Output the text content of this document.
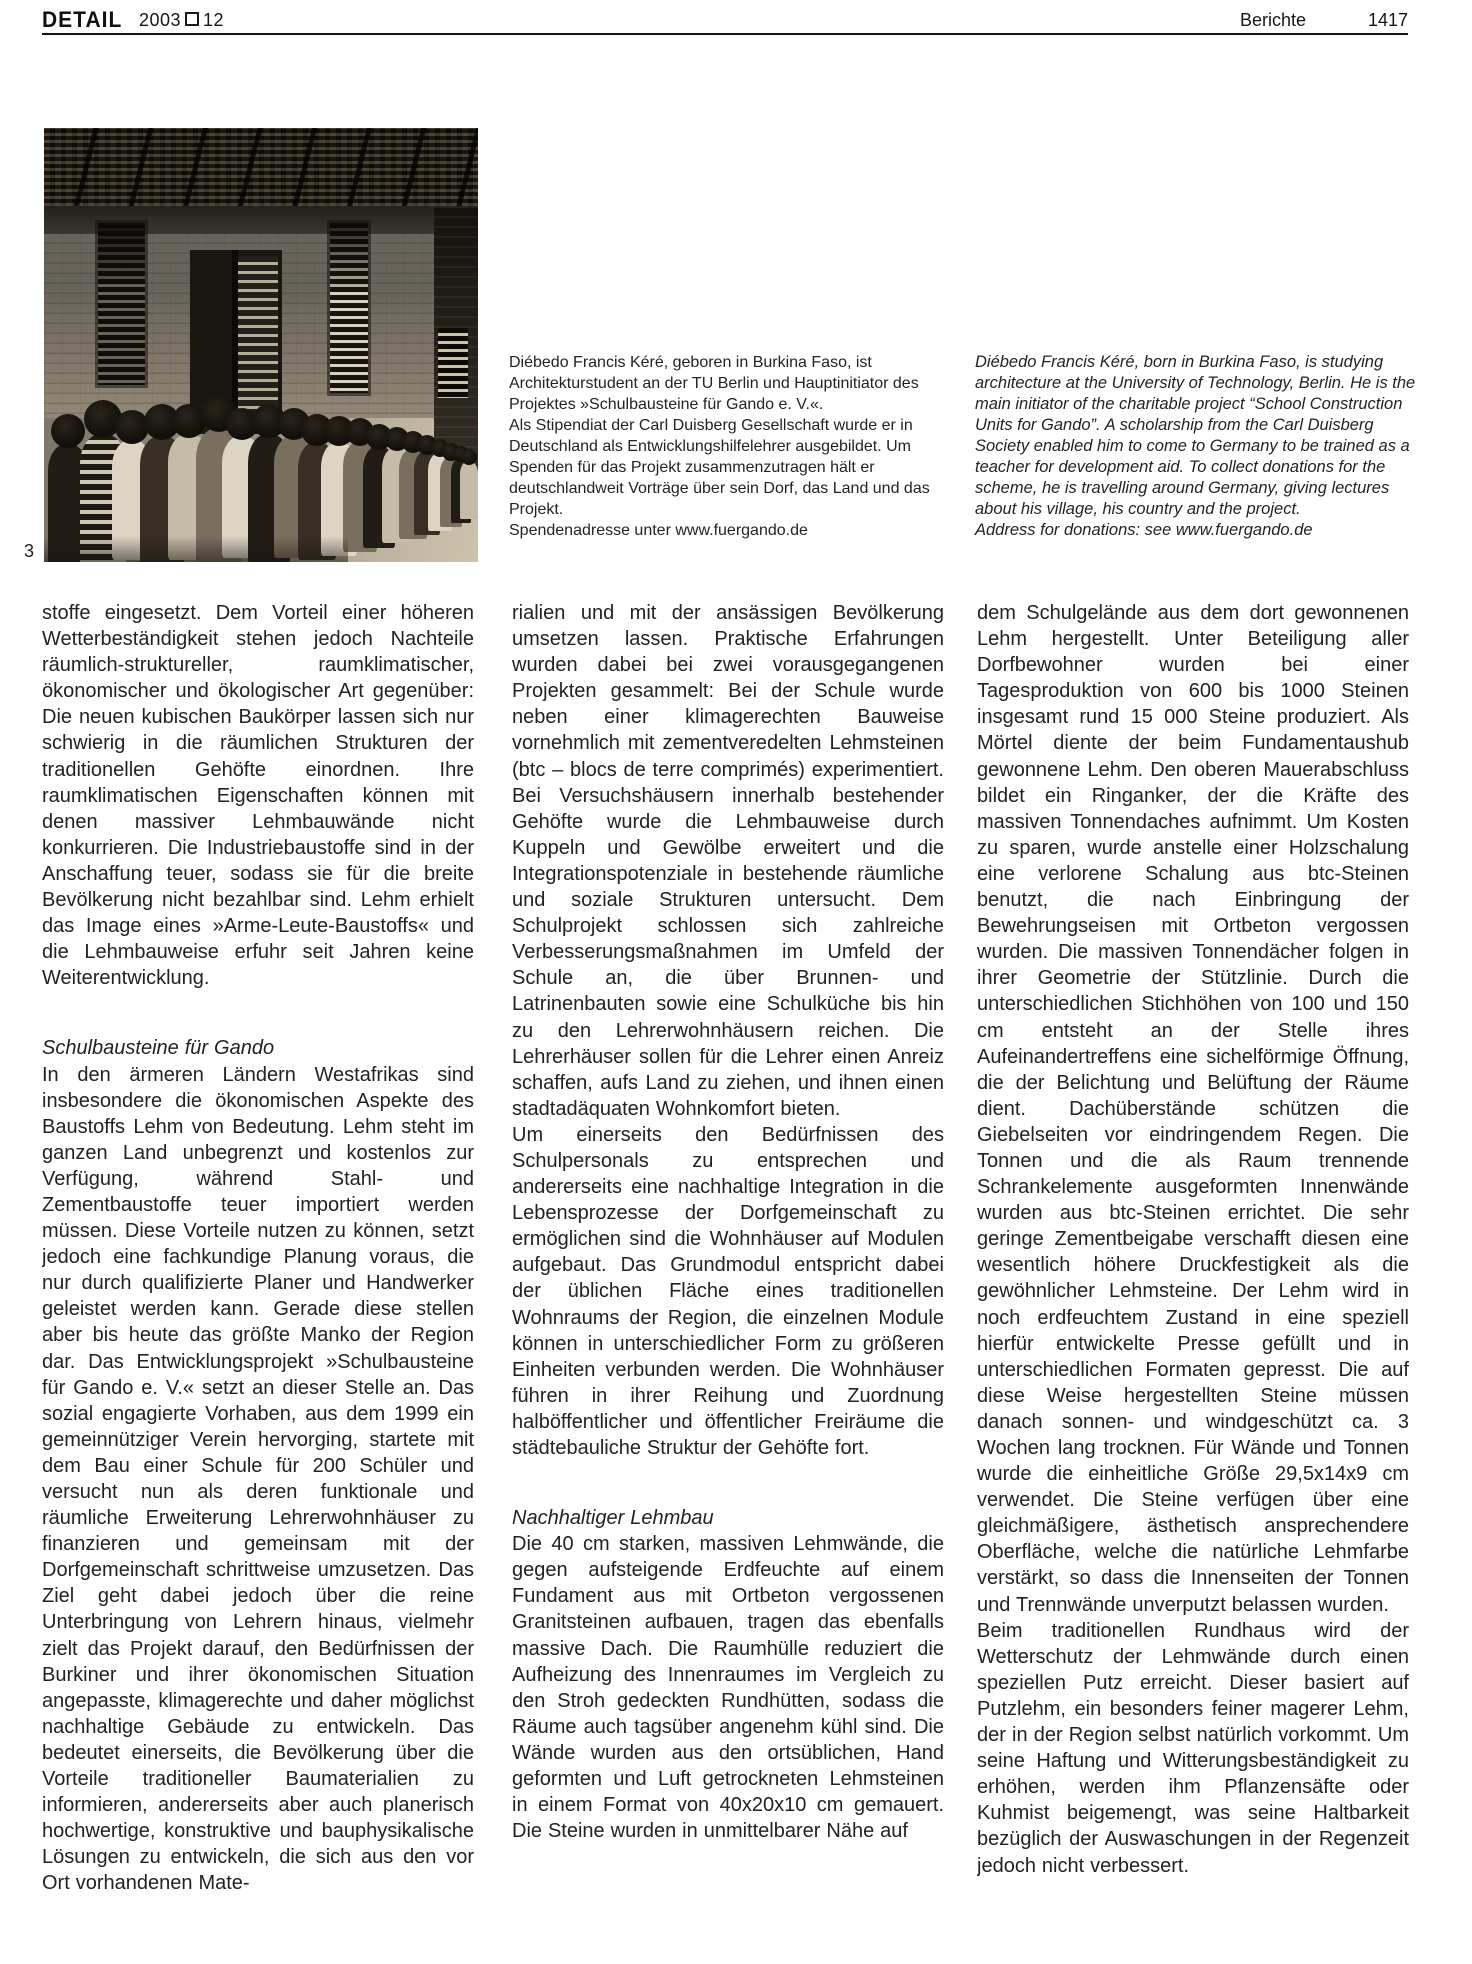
DETAIL 2003 12	Berichte	1417
3

Diébedo Francis Kéré, geboren in Burkina Faso, ist Architekturstudent an der TU Berlin und Hauptinitiator des Projektes »Schulbausteine für Gando e. V.«.

Als Stipendiat der Carl Duisberg Gesellschaft wurde er in Deutschland als Entwicklungshilfelehrer ausgebildet. Um Spenden für das Projekt zusammenzutragen hält er deutschlandweit Vorträge über sein Dorf, das Land und das Projekt.

Spendenadresse unter www.fuergando.de

Diébedo Francis Kéré, born in Burkina Faso, is studying architecture at the University of Technology, Berlin. He is the main initiator of the charitable project “School Construction Units for Gando”. A scholarship from the Carl Duisberg Society enabled him to come to Germany to be trained as a teacher for development aid. To collect donations for the scheme, he is travelling around Germany, giving lectures about his village, his country and the project.

Address for donations: see www.fuergando.de

stoffe eingesetzt. Dem Vorteil einer höheren Wetterbeständigkeit stehen jedoch Nachteile räumlich-struktureller, raumklimatischer, ökonomischer und ökologischer Art gegenüber: Die neuen kubischen Baukörper lassen sich nur schwierig in die räumlichen Strukturen der traditionellen Gehöfte einordnen. Ihre raumklimatischen Eigenschaften können mit denen massiver Lehmbauwände nicht konkurrieren. Die Industriebaustoffe sind in der Anschaffung teuer, sodass sie für die breite Bevölkerung nicht bezahlbar sind. Lehm erhielt das Image eines »Arme-Leute-Baustoffs« und die Lehmbauweise erfuhr seit Jahren keine Weiterentwicklung.

Schulbausteine für Gando

In den ärmeren Ländern Westafrikas sind insbesondere die ökonomischen Aspekte des Baustoffs Lehm von Bedeutung. Lehm steht im ganzen Land unbegrenzt und kostenlos zur Verfügung, während Stahl- und Zementbaustoffe teuer importiert werden müssen. Diese Vorteile nutzen zu können, setzt jedoch eine fachkundige Planung voraus, die nur durch qualifizierte Planer und Handwerker geleistet werden kann. Gerade diese stellen aber bis heute das größte Manko der Region dar. Das Entwicklungsprojekt »Schulbausteine für Gando e. V.« setzt an dieser Stelle an. Das sozial engagierte Vorhaben, aus dem 1999 ein gemeinnütziger Verein hervorging, startete mit dem Bau einer Schule für 200 Schüler und versucht nun als deren funktionale und räumliche Erweiterung Lehrerwohnhäuser zu finanzieren und gemeinsam mit der Dorfgemeinschaft schrittweise umzusetzen. Das Ziel geht dabei jedoch über die reine Unterbringung von Lehrern hinaus, vielmehr zielt das Projekt darauf, den Bedürfnissen der Burkiner und ihrer ökonomischen Situation angepasste, klimagerechte und daher möglichst nachhaltige Gebäude zu entwickeln. Das bedeutet einerseits, die Bevölkerung über die Vorteile traditioneller Baumaterialien zu informieren, andererseits aber auch planerisch hochwertige, konstruktive und bauphysikalische Lösungen zu entwickeln, die sich aus den vor Ort vorhandenen Mate-

rialien und mit der ansässigen Bevölkerung umsetzen lassen. Praktische Erfahrungen wurden dabei bei zwei vorausgegangenen Projekten gesammelt: Bei der Schule wurde neben einer klimagerechten Bauweise vornehmlich mit zementveredelten Lehmsteinen (btc – blocs de terre comprimés) experimentiert. Bei Versuchshäusern innerhalb bestehender Gehöfte wurde die Lehmbauweise durch Kuppeln und Gewölbe erweitert und die Integrationspotenziale in bestehende räumliche und soziale Strukturen untersucht. Dem Schulprojekt schlossen sich zahlreiche Verbesserungsmaßnahmen im Umfeld der Schule an, die über Brunnen- und Latrinenbauten sowie eine Schulküche bis hin zu den Lehrerwohnhäusern reichen. Die Lehrerhäuser sollen für die Lehrer einen Anreiz schaffen, aufs Land zu ziehen, und ihnen einen stadtadäquaten Wohnkomfort bieten.

Um einerseits den Bedürfnissen des Schulpersonals zu entsprechen und andererseits eine nachhaltige Integration in die Lebensprozesse der Dorfgemeinschaft zu ermöglichen sind die Wohnhäuser auf Modulen aufgebaut. Das Grundmodul entspricht dabei der üblichen Fläche eines traditionellen Wohnraums der Region, die einzelnen Module können in unterschiedlicher Form zu größeren Einheiten verbunden werden. Die Wohnhäuser führen in ihrer Reihung und Zuordnung halböffentlicher und öffentlicher Freiräume die städtebauliche Struktur der Gehöfte fort.

Nachhaltiger Lehmbau

Die 40 cm starken, massiven Lehmwände, die gegen aufsteigende Erdfeuchte auf einem Fundament aus mit Ortbeton vergossenen Granitsteinen aufbauen, tragen das ebenfalls massive Dach. Die Raumhülle reduziert die Aufheizung des Innenraumes im Vergleich zu den Stroh gedeckten Rundhütten, sodass die Räume auch tagsüber angenehm kühl sind. Die Wände wurden aus den ortsüblichen, Hand geformten und Luft getrockneten Lehmsteinen in einem Format von 40x20x10 cm gemauert. Die Steine wurden in unmittelbarer Nähe auf

dem Schulgelände aus dem dort gewonnenen Lehm hergestellt. Unter Beteiligung aller Dorfbewohner wurden bei einer Tagesproduktion von 600 bis 1000 Steinen insgesamt rund 15 000 Steine produziert. Als Mörtel diente der beim Fundamentaushub gewonnene Lehm. Den oberen Mauerabschluss bildet ein Ringanker, der die Kräfte des massiven Tonnendaches aufnimmt. Um Kosten zu sparen, wurde anstelle einer Holzschalung eine verlorene Schalung aus btc-Steinen benutzt, die nach Einbringung der Bewehrungseisen mit Ortbeton vergossen wurden. Die massiven Tonnendächer folgen in ihrer Geometrie der Stützlinie. Durch die unterschiedlichen Stichhöhen von 100 und 150 cm entsteht an der Stelle ihres Aufeinandertreffens eine sichelförmige Öffnung, die der Belichtung und Belüftung der Räume dient. Dachüberstände schützen die Giebelseiten vor eindringendem Regen. Die Tonnen und die als Raum trennende Schrankelemente ausgeformten Innenwände wurden aus btc-Steinen errichtet. Die sehr geringe Zementbeigabe verschafft diesen eine wesentlich höhere Druckfestigkeit als die gewöhnlicher Lehmsteine. Der Lehm wird in noch erdfeuchtem Zustand in eine speziell hierfür entwickelte Presse gefüllt und in unterschiedlichen Formaten gepresst. Die auf diese Weise hergestellten Steine müssen danach sonnen- und windgeschützt ca. 3 Wochen lang trocknen. Für Wände und Tonnen wurde die einheitliche Größe 29,5x14x9 cm verwendet. Die Steine verfügen über eine gleichmäßigere, ästhetisch ansprechendere Oberfläche, welche die natürliche Lehmfarbe verstärkt, so dass die Innenseiten der Tonnen und Trennwände unverputzt belassen wurden.

Beim traditionellen Rundhaus wird der Wetterschutz der Lehmwände durch einen speziellen Putz erreicht. Dieser basiert auf Putzlehm, ein besonders feiner magerer Lehm, der in der Region selbst natürlich vorkommt. Um seine Haftung und Witterungsbeständigkeit zu erhöhen, werden ihm Pflanzensäfte oder Kuhmist beigemengt, was seine Haltbarkeit bezüglich der Auswaschungen in der Regenzeit jedoch nicht verbessert.
